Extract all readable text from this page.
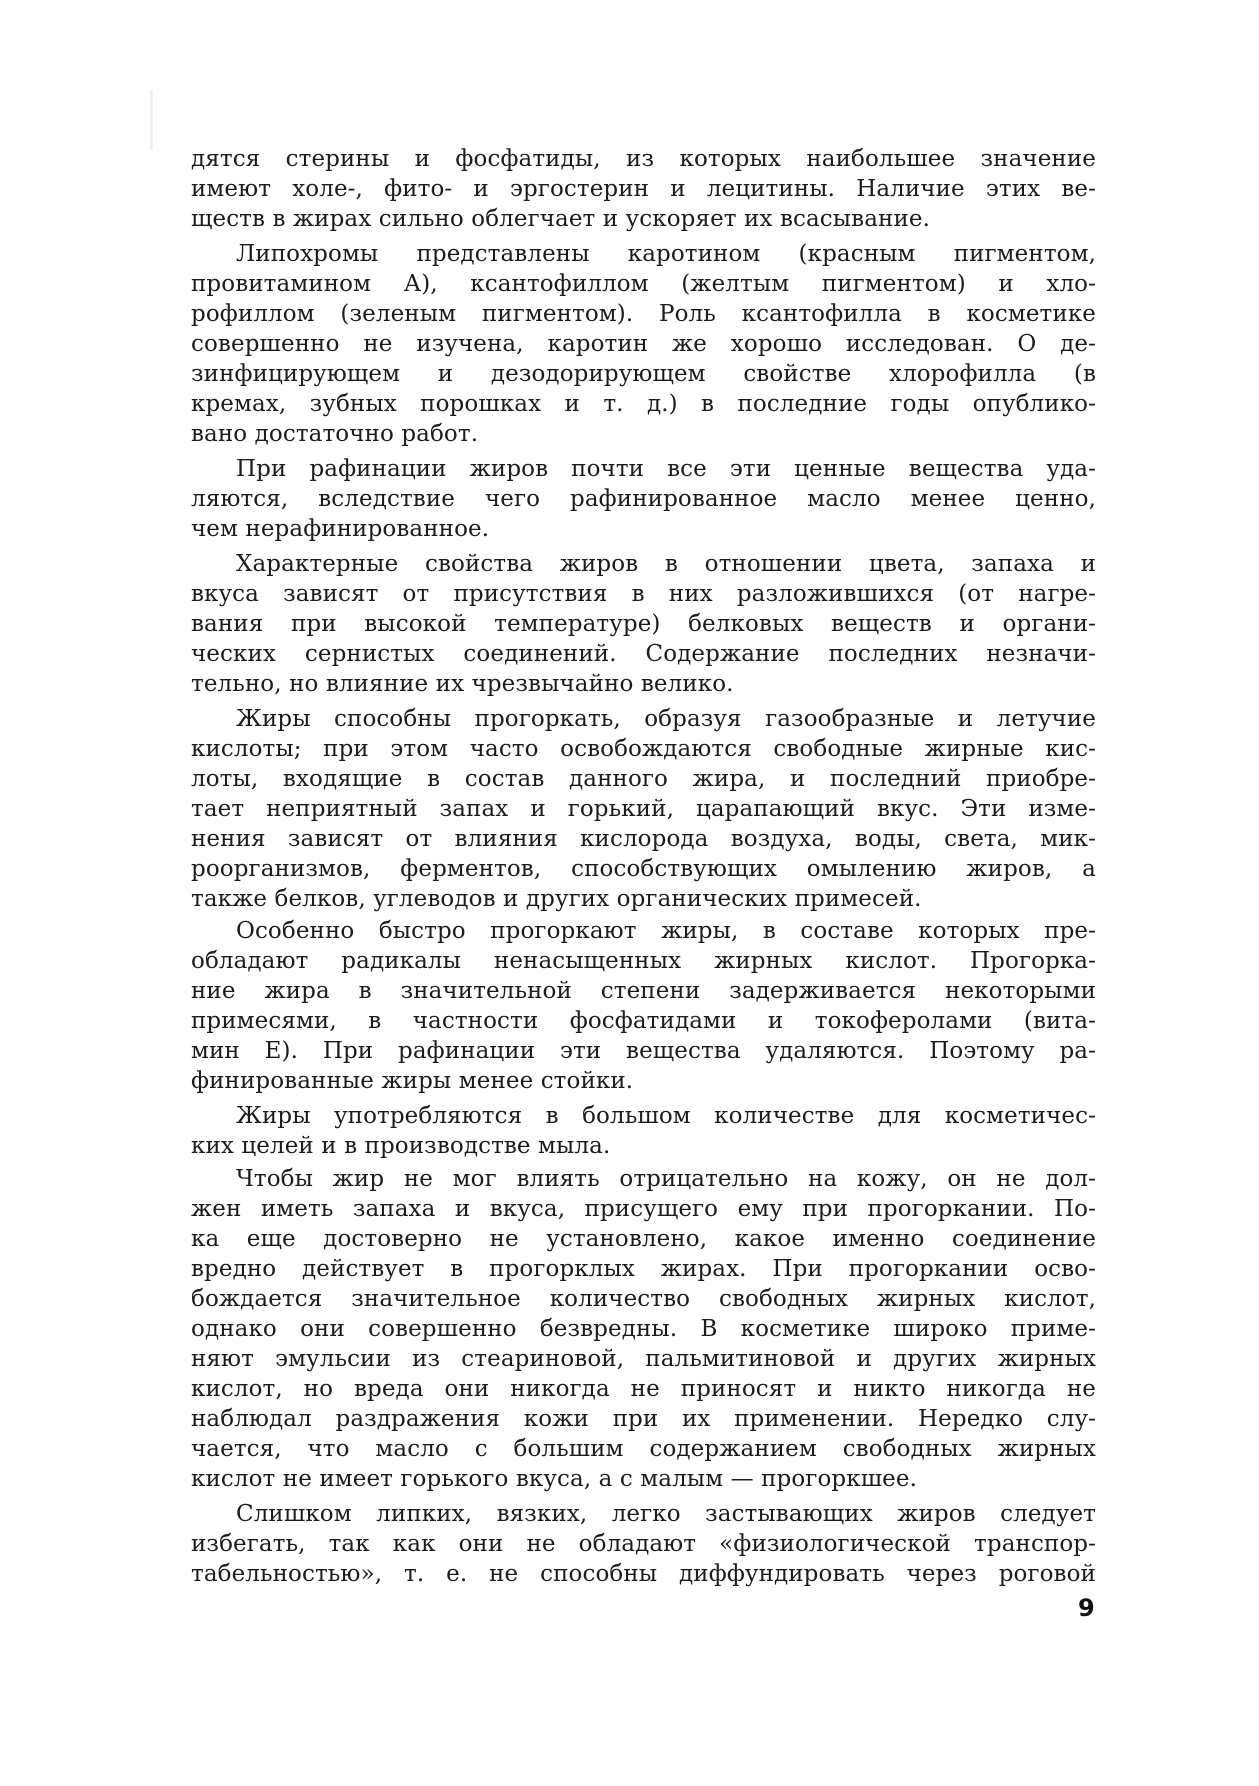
дятся стерины и фосфатиды, из которых наибольшее значение
имеют холе-, фито- и эргостерин и лецитины. Наличие этих ве-
ществ в жирах сильно облегчает и ускоряет их всасывание.
Липохромы представлены каротином (красным пигментом,
провитамином А), ксантофиллом (желтым пигментом) и хло-
рофиллом (зеленым пигментом). Роль ксантофилла в косметике
совершенно не изучена, каротин же хорошо исследован. О де-
зинфицирующем и дезодорирующем свойстве хлорофилла (в
кремах, зубных порошках и т. д.) в последние годы опублико-
вано достаточно работ.
При рафинации жиров почти все эти ценные вещества уда-
ляются, вследствие чего рафинированное масло менее ценно,
чем нерафинированное.
Характерные свойства жиров в отношении цвета, запаха и
вкуса зависят от присутствия в них разложившихся (от нагре-
вания при высокой температуре) белковых веществ и органи-
ческих сернистых соединений. Содержание последних незначи-
тельно, но влияние их чрезвычайно велико.
Жиры способны прогоркать, образуя газообразные и летучие
кислоты; при этом часто освобождаются свободные жирные кис-
лоты, входящие в состав данного жира, и последний приобре-
тает неприятный запах и горький, царапающий вкус. Эти изме-
нения зависят от влияния кислорода воздуха, воды, света, мик-
роорганизмов, ферментов, способствующих омылению жиров, а
также белков, углеводов и других органических примесей.
Особенно быстро прогоркают жиры, в составе которых пре-
обладают радикалы ненасыщенных жирных кислот. Прогорка-
ние жира в значительной степени задерживается некоторыми
примесями, в частности фосфатидами и токоферолами (вита-
мин Е). При рафинации эти вещества удаляются. Поэтому ра-
финированные жиры менее стойки.
Жиры употребляются в большом количестве для косметичес-
ких целей и в производстве мыла.
Чтобы жир не мог влиять отрицательно на кожу, он не дол-
жен иметь запаха и вкуса, присущего ему при прогоркании. По-
ка еще достоверно не установлено, какое именно соединение
вредно действует в прогорклых жирах. При прогоркании осво-
бождается значительное количество свободных жирных кислот,
однако они совершенно безвредны. В косметике широко приме-
няют эмульсии из стеариновой, пальмитиновой и других жирных
кислот, но вреда они никогда не приносят и никто никогда не
наблюдал раздражения кожи при их применении. Нередко слу-
чается, что масло с большим содержанием свободных жирных
кислот не имеет горького вкуса, а с малым — прогоркшее.
Слишком липких, вязких, легко застывающих жиров следует
избегать, так как они не обладают «физиологической транспор-
табельностью», т. е. не способны диффундировать через роговой
9
